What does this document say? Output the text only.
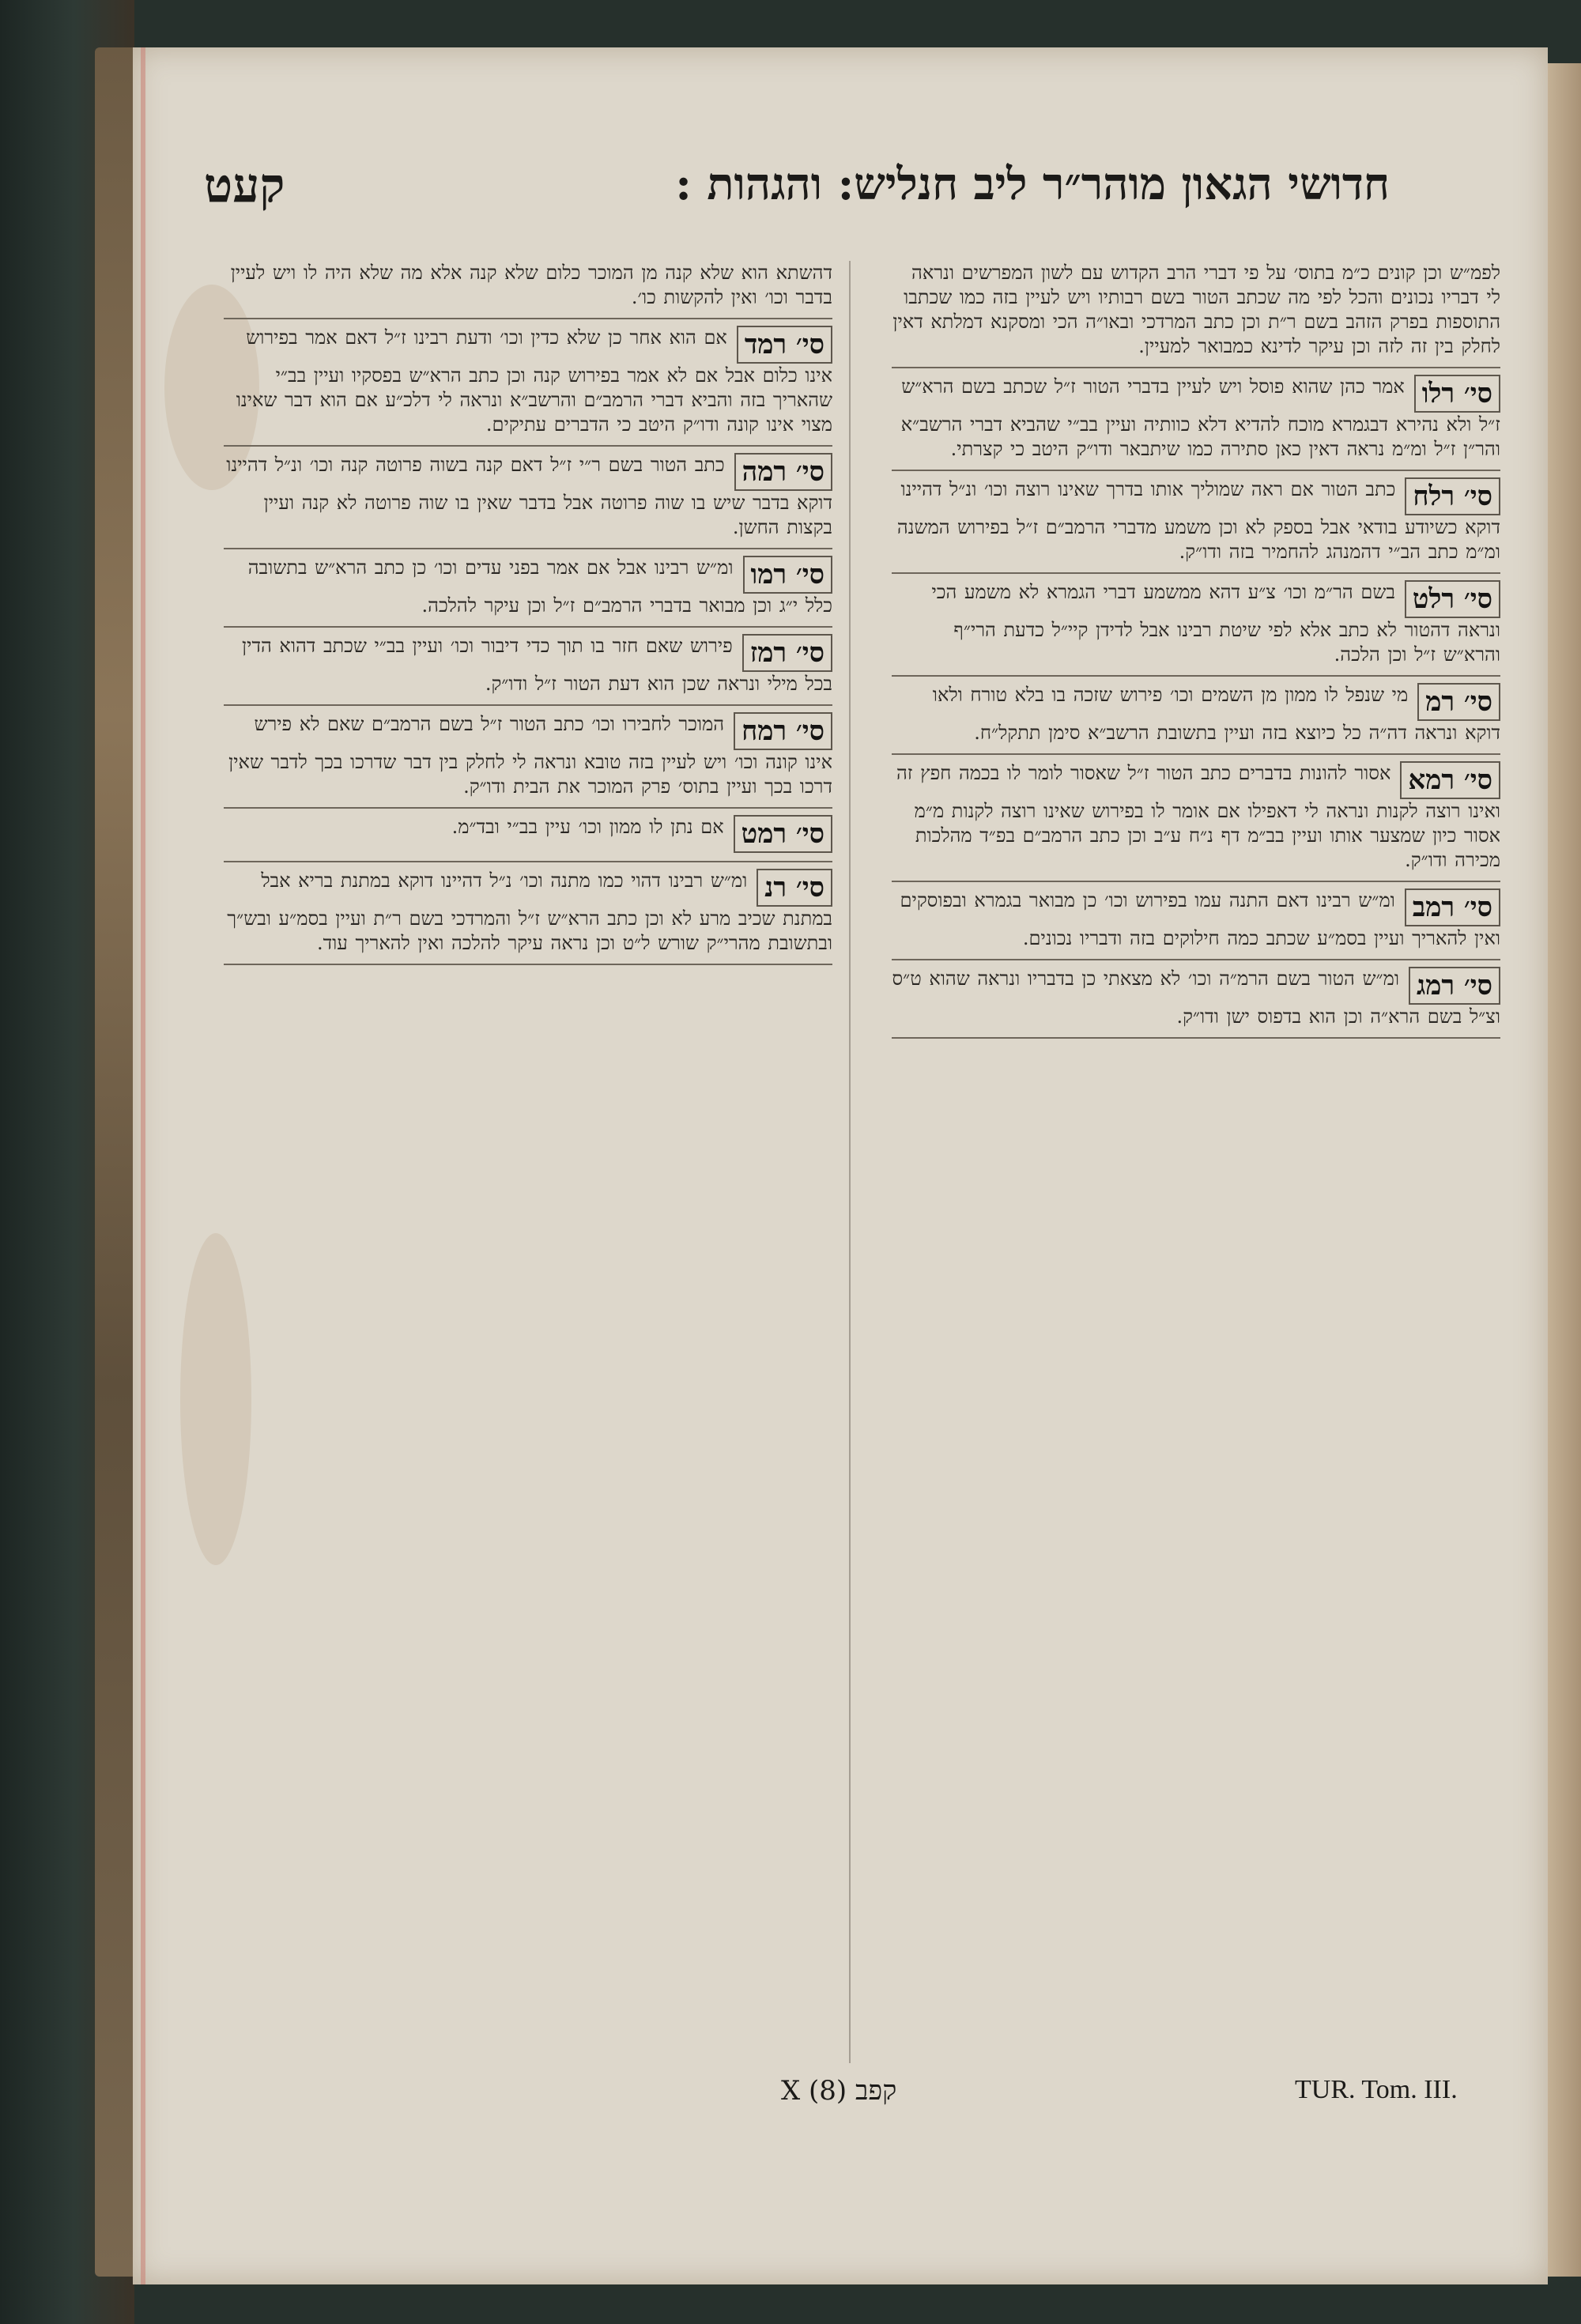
חדושי הגאון מוהר״ר ליב חנליש: והגהות :
קעט
לפמ״ש וכן קונים כ״מ בתוס׳ על פי דברי הרב הקדוש עם לשון המפרשים ונראה לי דבריו נכונים והכל לפי מה שכתב הטור בשם רבותיו ויש לעיין בזה כמו שכתבו התוספות בפרק הזהב בשם ר״ת וכן כתב המרדכי ובאו״ה הכי ומסקנא דמלתא דאין לחלק בין זה לזה וכן עיקר לדינא כמבואר למעיין.
סי׳ רלואמר כהן שהוא פוסל ויש לעיין בדברי הטור ז״ל שכתב בשם הרא״ש ז״ל ולא נהירא דבגמרא מוכח להדיא דלא כוותיה ועיין בב״י שהביא דברי הרשב״א והר״ן ז״ל ומ״מ נראה דאין כאן סתירה כמו שיתבאר ודו״ק היטב כי קצרתי.
סי׳ רלחכתב הטור אם ראה שמוליך אותו בדרך שאינו רוצה וכו׳ ונ״ל דהיינו דוקא כשיודע בודאי אבל בספק לא וכן משמע מדברי הרמב״ם ז״ל בפירוש המשנה ומ״מ כתב הב״י דהמנהג להחמיר בזה ודו״ק.
סי׳ רלטבשם הר״מ וכו׳ צ״ע דהא ממשמע דברי הגמרא לא משמע הכי ונראה דהטור לא כתב אלא לפי שיטת רבינו אבל לדידן קיי״ל כדעת הרי״ף והרא״ש ז״ל וכן הלכה.
סי׳ רממי שנפל לו ממון מן השמים וכו׳ פירוש שזכה בו בלא טורח ולאו דוקא ונראה דה״ה כל כיוצא בזה ועיין בתשובת הרשב״א סימן תתקל״ח.
סי׳ רמאאסור להונות בדברים כתב הטור ז״ל שאסור לומר לו בכמה חפץ זה ואינו רוצה לקנות ונראה לי דאפילו אם אומר לו בפירוש שאינו רוצה לקנות מ״מ אסור כיון שמצער אותו ועיין בב״מ דף נ״ח ע״ב וכן כתב הרמב״ם בפ״ד מהלכות מכירה ודו״ק.
סי׳ רמבומ״ש רבינו דאם התנה עמו בפירוש וכו׳ כן מבואר בגמרא ובפוסקים ואין להאריך ועיין בסמ״ע שכתב כמה חילוקים בזה ודבריו נכונים.
סי׳ רמגומ״ש הטור בשם הרמ״ה וכו׳ לא מצאתי כן בדבריו ונראה שהוא ט״ס וצ״ל בשם הרא״ה וכן הוא בדפוס ישן ודו״ק.
דהשתא הוא שלא קנה מן המוכר כלום שלא קנה אלא מה שלא היה לו ויש לעיין בדבר וכו׳ ואין להקשות כו׳.
סי׳ רמדאם הוא אחר כן שלא כדין וכו׳ ודעת רבינו ז״ל דאם אמר בפירוש אינו כלום אבל אם לא אמר בפירוש קנה וכן כתב הרא״ש בפסקיו ועיין בב״י שהאריך בזה והביא דברי הרמב״ם והרשב״א ונראה לי דלכ״ע אם הוא דבר שאינו מצוי אינו קונה ודו״ק היטב כי הדברים עתיקים.
סי׳ רמהכתב הטור בשם ר״י ז״ל דאם קנה בשוה פרוטה קנה וכו׳ ונ״ל דהיינו דוקא בדבר שיש בו שוה פרוטה אבל בדבר שאין בו שוה פרוטה לא קנה ועיין בקצות החשן.
סי׳ רמוומ״ש רבינו אבל אם אמר בפני עדים וכו׳ כן כתב הרא״ש בתשובה כלל י״ג וכן מבואר בדברי הרמב״ם ז״ל וכן עיקר להלכה.
סי׳ רמזפירוש שאם חזר בו תוך כדי דיבור וכו׳ ועיין בב״י שכתב דהוא הדין בכל מילי ונראה שכן הוא דעת הטור ז״ל ודו״ק.
סי׳ רמחהמוכר לחבירו וכו׳ כתב הטור ז״ל בשם הרמב״ם שאם לא פירש אינו קונה וכו׳ ויש לעיין בזה טובא ונראה לי לחלק בין דבר שדרכו בכך לדבר שאין דרכו בכך ועיין בתוס׳ פרק המוכר את הבית ודו״ק.
סי׳ רמטאם נתן לו ממון וכו׳ עיין בב״י ובד״מ.
סי׳ רנומ״ש רבינו דהוי כמו מתנה וכו׳ נ״ל דהיינו דוקא במתנת בריא אבל במתנת שכיב מרע לא וכן כתב הרא״ש ז״ל והמרדכי בשם ר״ת ועיין בסמ״ע ובש״ך ובתשובת מהרי״ק שורש ל״ט וכן נראה עיקר להלכה ואין להאריך עוד.
X (8) קפב	TUR. Tom. III.
